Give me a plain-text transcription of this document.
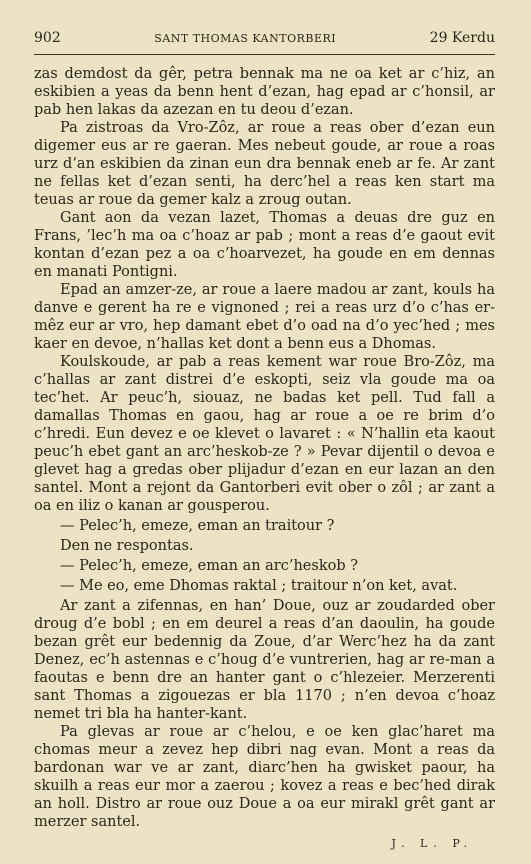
902	SANT THOMAS KANTORBERI	29 Kerdu

zas demdost da gêr, petra bennak ma ne oa ket ar c’hiz, an eskibien a yeas da benn hent d’ezan, hag epad ar c’honsil, ar pab hen lakas da azezan en tu deou d’ezan.

Pa zistroas da Vro-Zôz, ar roue a reas ober d’ezan eun digemer eus ar re gaeran. Mes nebeut goude, ar roue a roas urz d’an eskibien da zinan eun dra bennak eneb ar fe. Ar zant ne fellas ket d’ezan senti, ha derc’hel a reas ken start ma teuas ar roue da gemer kalz a zroug outan.

Gant aon da vezan lazet, Thomas a deuas dre guz en Frans, ’lec’h ma oa c’hoaz ar pab ; mont a reas d’e gaout evit kontan d’ezan pez a oa c’hoarvezet, ha goude en em dennas en manati Pontigni.

Epad an amzer-ze, ar roue a laere madou ar zant, kouls ha danve e gerent ha re e vignoned ; rei a reas urz d’o c’has er-mêz eur ar vro, hep damant ebet d’o oad na d’o yec’hed ; mes kaer en devoe, n’hallas ket dont a benn eus a Dhomas.

Koulskoude, ar pab a reas kement war roue Bro-Zôz, ma c’hallas ar zant distrei d’e eskopti, seiz vla goude ma oa tec’het. Ar peuc’h, siouaz, ne badas ket pell. Tud fall a damallas Thomas en gaou, hag ar roue a oe re brim d’o c’hredi. Eun devez e oe klevet o lavaret : « N’hallin eta kaout peuc’h ebet gant an arc’heskob-ze ? » Pevar dijentil o devoa e glevet hag a gredas ober plijadur d’ezan en eur lazan an den santel. Mont a rejont da Gantorberi evit ober o zôl ; ar zant a oa en iliz o kanan ar gousperou.

— Pelec’h, emeze, eman an traitour ?

Den ne respontas.

— Pelec’h, emeze, eman an arc’heskob ?

— Me eo, eme Dhomas raktal ; traitour n’on ket, avat.

Ar zant a zifennas, en han’ Doue, ouz ar zoudarded ober droug d’e bobl ; en em deurel a reas d’an daoulin, ha goude bezan grêt eur bedennig da Zoue, d’ar Werc’hez ha da zant Denez, ec’h astennas e c’houg d’e vuntrerien, hag ar re-man a faoutas e benn dre an hanter gant o c’hlezeier. Merzerenti sant Thomas a zigouezas er bla 1170 ; n’en devoa c’hoaz nemet tri bla ha hanter-kant.

Pa glevas ar roue ar c’helou, e oe ken glac’haret ma chomas meur a zevez hep dibri nag evan. Mont a reas da bardonan war ve ar zant, diarc’hen ha gwisket paour, ha skuilh a reas eur mor a zaerou ; kovez a reas e bec’hed dirak an holl. Distro ar roue ouz Doue a oa eur mirakl grêt gant ar merzer santel.

J. L. P.
